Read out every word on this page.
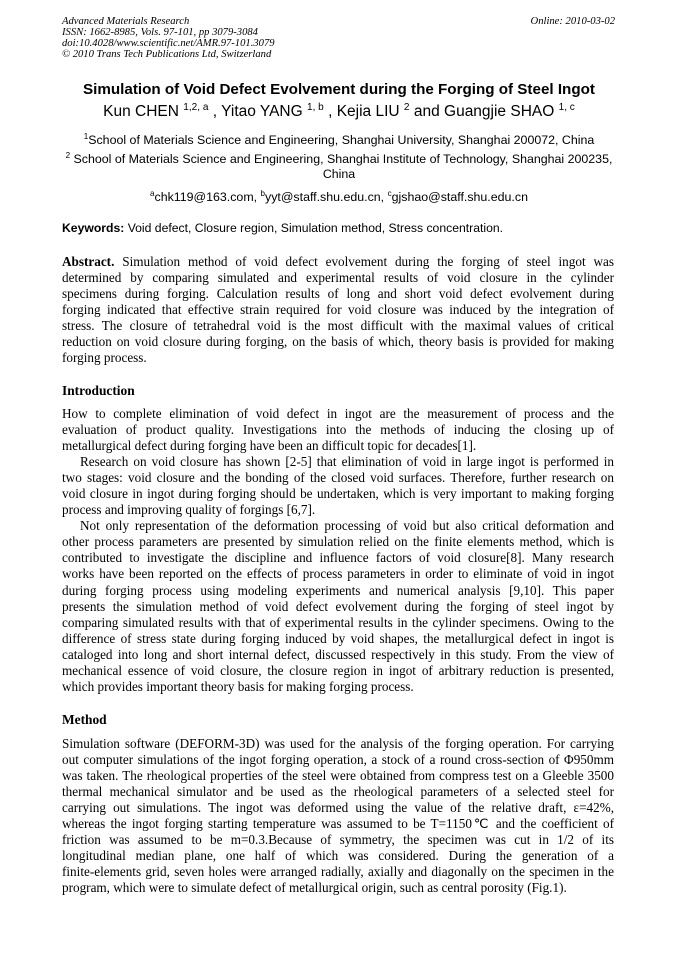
Advanced Materials Research
ISSN: 1662-8985, Vols. 97-101, pp 3079-3084
doi:10.4028/www.scientific.net/AMR.97-101.3079
© 2010 Trans Tech Publications Ltd, Switzerland
Online: 2010-03-02
Simulation of Void Defect Evolvement during the Forging of Steel Ingot
Kun CHEN $^{1,2, a}$ , Yitao YANG $^{1, b}$ , Kejia LIU $^2$ and Guangjie SHAO $^{1, c}$
$^1$School of Materials Science and Engineering, Shanghai University, Shanghai 200072, China
$^2$ School of Materials Science and Engineering, Shanghai Institute of Technology, Shanghai 200235,
China
$^a$chk119@163.com, $^b$yyt@staff.shu.edu.cn, $^c$gjshao@staff.shu.edu.cn
Keywords: Void defect, Closure region, Simulation method, Stress concentration.
Abstract. Simulation method of void defect evolvement during the forging of steel ingot was
determined by comparing simulated and experimental results of void closure in the cylinder
specimens during forging. Calculation results of long and short void defect evolvement during
forging indicated that effective strain required for void closure was induced by the integration of
stress. The closure of tetrahedral void is the most difficult with the maximal values of critical
reduction on void closure during forging, on the basis of which, theory basis is provided for making
forging process.
Introduction
How to complete elimination of void defect in ingot are the measurement of process and the
evaluation of product quality. Investigations into the methods of inducing the closing up of
metallurgical defect during forging have been an difficult topic for decades[1].
Research on void closure has shown [2-5] that elimination of void in large ingot is performed in
two stages: void closure and the bonding of the closed void surfaces. Therefore, further research on
void closure in ingot during forging should be undertaken, which is very important to making forging
process and improving quality of forgings [6,7].
Not only representation of the deformation processing of void but also critical deformation and
other process parameters are presented by simulation relied on the finite elements method, which is
contributed to investigate the discipline and influence factors of void closure[8]. Many research
works have been reported on the effects of process parameters in order to eliminate of void in ingot
during forging process using modeling experiments and numerical analysis [9,10]. This paper
presents the simulation method of void defect evolvement during the forging of steel ingot by
comparing simulated results with that of experimental results in the cylinder specimens. Owing to the
difference of stress state during forging induced by void shapes, the metallurgical defect in ingot is
cataloged into long and short internal defect, discussed respectively in this study. From the view of
mechanical essence of void closure, the closure region in ingot of arbitrary reduction is presented,
which provides important theory basis for making forging process.
Method
Simulation software (DEFORM-3D) was used for the analysis of the forging operation. For carrying
out computer simulations of the ingot forging operation, a stock of a round cross-section of Φ950mm
was taken. The rheological properties of the steel were obtained from compress test on a Gleeble 3500
thermal mechanical simulator and be used as the rheological parameters of a selected steel for
carrying out simulations. The ingot was deformed using the value of the relative draft, ε=42%,
whereas the ingot forging starting temperature was assumed to be T=1150℃ and the coefficient of
friction was assumed to be m=0.3.Because of symmetry, the specimen was cut in 1/2 of its
longitudinal median plane, one half of which was considered. During the generation of a
finite-elements grid, seven holes were arranged radially, axially and diagonally on the specimen in the
program, which were to simulate defect of metallurgical origin, such as central porosity (Fig.1).
